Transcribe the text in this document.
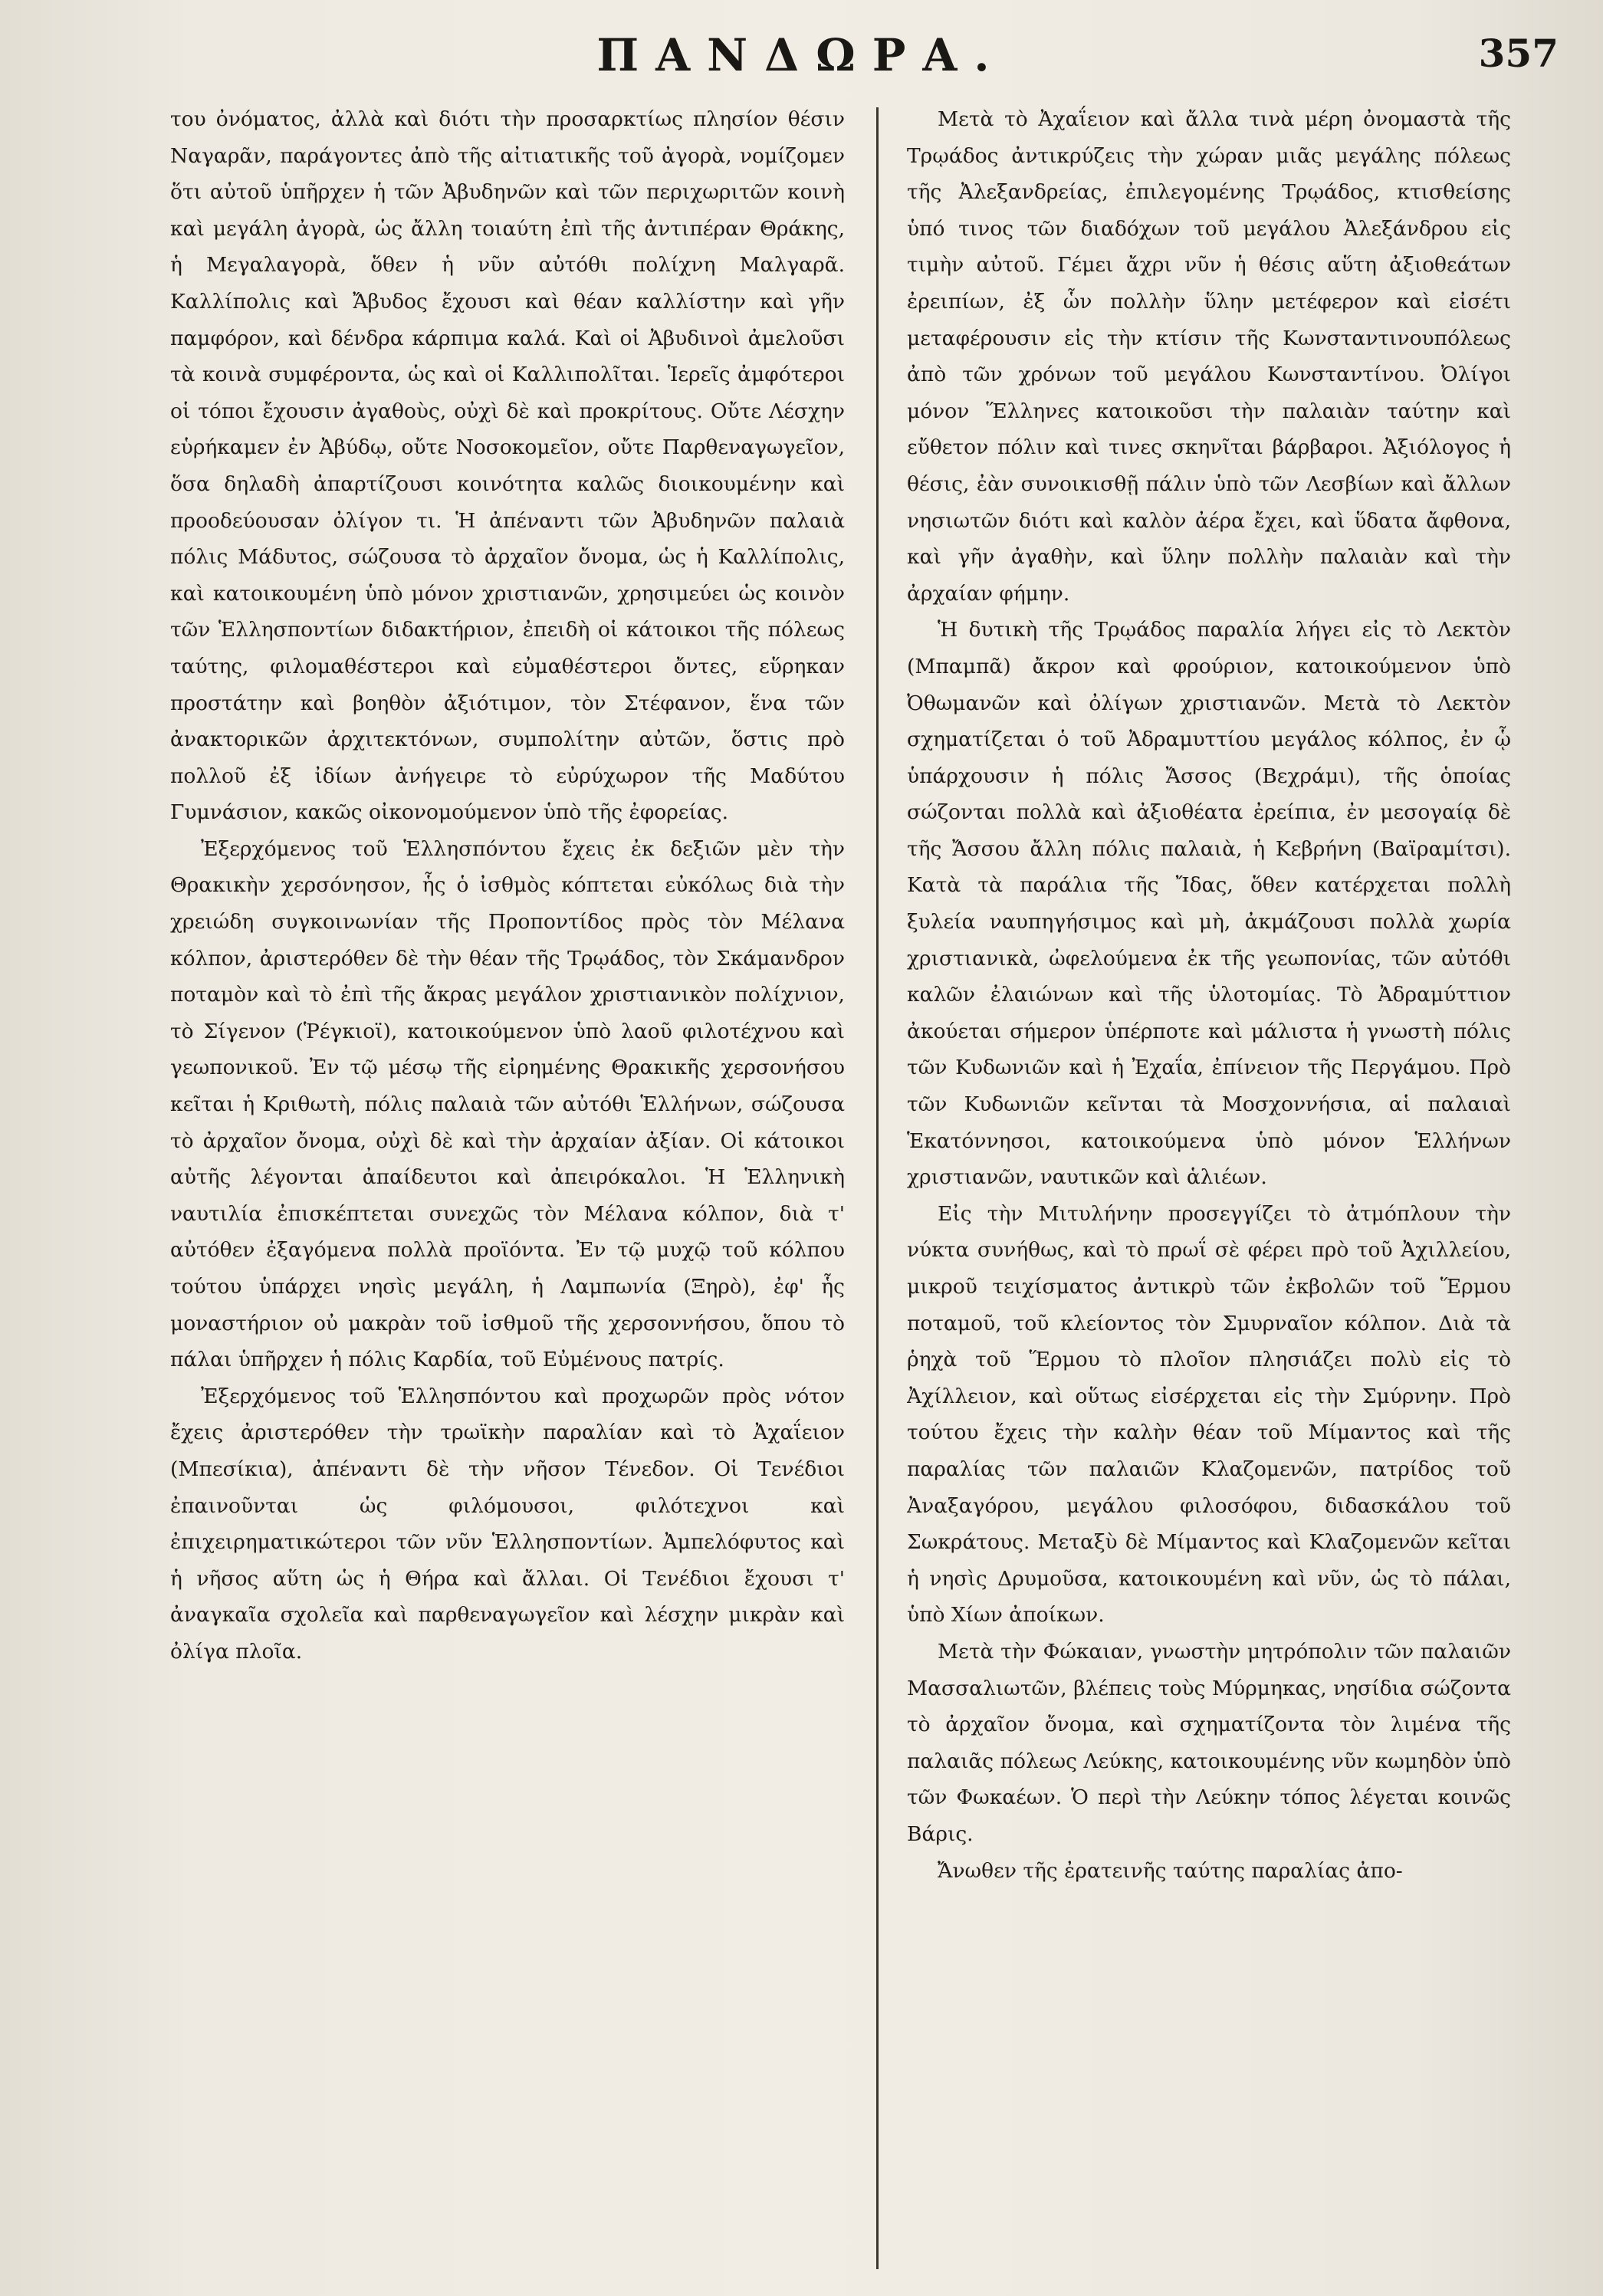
ΠΑΝΔΩΡΑ.	357

του ὀνόματος, ἀλλὰ καὶ διότι τὴν προσαρκτίως πλησίον θέσιν Ναγαρᾶν, παράγοντες ἀπὸ τῆς αἰτιατικῆς τοῦ ἀγορὰ, νομίζομεν ὅτι αὐτοῦ ὑπῆρχεν ἡ τῶν Ἀβυδηνῶν καὶ τῶν περιχωριτῶν κοινὴ καὶ μεγάλη ἀγορὰ, ὡς ἄλλη τοιαύτη ἐπὶ τῆς ἀντιπέραν Θράκης, ἡ Μεγαλαγορὰ, ὅθεν ἡ νῦν αὐτόθι πολίχνη Μαλγαρᾶ. Καλλίπολις καὶ Ἄβυδος ἔχουσι καὶ θέαν καλλίστην καὶ γῆν παμφόρον, καὶ δένδρα κάρπιμα καλά. Καὶ οἱ Ἀβυδινοὶ ἀμελοῦσι τὰ κοινὰ συμφέροντα, ὡς καὶ οἱ Καλλιπολῖται. Ἱερεῖς ἀμφότεροι οἱ τόποι ἔχουσιν ἀγαθοὺς, οὐχὶ δὲ καὶ προκρίτους. Οὔτε Λέσχην εὑρήκαμεν ἐν Ἀβύδῳ, οὔτε Νοσοκομεῖον, οὔτε Παρθεναγωγεῖον, ὅσα δηλαδὴ ἀπαρτίζουσι κοινότητα καλῶς διοικουμένην καὶ προοδεύουσαν ὀλίγον τι. Ἡ ἀπέναντι τῶν Ἀβυδηνῶν παλαιὰ πόλις Μάδυτος, σώζουσα τὸ ἀρχαῖον ὄνομα, ὡς ἡ Καλλίπολις, καὶ κατοικουμένη ὑπὸ μόνον χριστιανῶν, χρησιμεύει ὡς κοινὸν τῶν Ἑλλησποντίων διδακτήριον, ἐπειδὴ οἱ κάτοικοι τῆς πόλεως ταύτης, φιλομαθέστεροι καὶ εὐμαθέστεροι ὄντες, εὕρηκαν προστάτην καὶ βοηθὸν ἀξιότιμον, τὸν Στέφανον, ἕνα τῶν ἀνακτορικῶν ἀρχιτεκτόνων, συμπολίτην αὐτῶν, ὅστις πρὸ πολλοῦ ἐξ ἰδίων ἀνήγειρε τὸ εὐρύχωρον τῆς Μαδύτου Γυμνάσιον, κακῶς οἰκονομούμενον ὑπὸ τῆς ἐφορείας.

Ἐξερχόμενος τοῦ Ἑλλησπόντου ἔχεις ἐκ δεξιῶν μὲν τὴν Θρακικὴν χερσόνησον, ἧς ὁ ἰσθμὸς κόπτεται εὐκόλως διὰ τὴν χρειώδη συγκοινωνίαν τῆς Προποντίδος πρὸς τὸν Μέλανα κόλπον, ἀριστερόθεν δὲ τὴν θέαν τῆς Τρῳάδος, τὸν Σκάμανδρον ποταμὸν καὶ τὸ ἐπὶ τῆς ἄκρας μεγάλον χριστιανικὸν πολίχνιον, τὸ Σίγενον (Ῥέγκιοϊ), κατοικούμενον ὑπὸ λαοῦ φιλοτέχνου καὶ γεωπονικοῦ. Ἐν τῷ μέσῳ τῆς εἰρημένης Θρακικῆς χερσονήσου κεῖται ἡ Κριθωτὴ, πόλις παλαιὰ τῶν αὐτόθι Ἑλλήνων, σώζουσα τὸ ἀρχαῖον ὄνομα, οὐχὶ δὲ καὶ τὴν ἀρχαίαν ἀξίαν. Οἱ κάτοικοι αὐτῆς λέγονται ἀπαίδευτοι καὶ ἀπειρόκαλοι. Ἡ Ἑλληνικὴ ναυτιλία ἐπισκέπτεται συνεχῶς τὸν Μέλανα κόλπον, διὰ τ' αὐτόθεν ἐξαγόμενα πολλὰ προϊόντα. Ἐν τῷ μυχῷ τοῦ κόλπου τούτου ὑπάρχει νησὶς μεγάλη, ἡ Λαμπωνία (Ξηρὸ), ἐφ' ἧς μοναστήριον οὐ μακρὰν τοῦ ἰσθμοῦ τῆς χερσοννήσου, ὅπου τὸ πάλαι ὑπῆρχεν ἡ πόλις Καρδία, τοῦ Εὐμένους πατρίς.

Ἐξερχόμενος τοῦ Ἑλλησπόντου καὶ προχωρῶν πρὸς νότον ἔχεις ἀριστερόθεν τὴν τρωϊκὴν παραλίαν καὶ τὸ Ἀχαΐειον (Μπεσίκια), ἀπέναντι δὲ τὴν νῆσον Τένεδον. Οἱ Τενέδιοι ἐπαινοῦνται ὡς φιλόμουσοι, φιλότεχνοι καὶ ἐπιχειρηματικώτεροι τῶν νῦν Ἑλλησποντίων. Ἀμπελόφυτος καὶ ἡ νῆσος αὕτη ὡς ἡ Θήρα καὶ ἄλλαι. Οἱ Τενέδιοι ἔχουσι τ' ἀναγκαῖα σχολεῖα καὶ παρθεναγωγεῖον καὶ λέσχην μικρὰν καὶ ὀλίγα πλοῖα.

Μετὰ τὸ Ἀχαΐειον καὶ ἄλλα τινὰ μέρη ὀνομαστὰ τῆς Τρῳάδος ἀντικρύζεις τὴν χώραν μιᾶς μεγάλης πόλεως τῆς Ἀλεξανδρείας, ἐπιλεγομένης Τρῳάδος, κτισθείσης ὑπό τινος τῶν διαδόχων τοῦ μεγάλου Ἀλεξάνδρου εἰς τιμὴν αὐτοῦ. Γέμει ἄχρι νῦν ἡ θέσις αὕτη ἀξιοθεάτων ἐρειπίων, ἐξ ὧν πολλὴν ὕλην μετέφερον καὶ εἰσέτι μεταφέρουσιν εἰς τὴν κτίσιν τῆς Κωνσταντινουπόλεως ἀπὸ τῶν χρόνων τοῦ μεγάλου Κωνσταντίνου. Ὀλίγοι μόνον Ἕλληνες κατοικοῦσι τὴν παλαιὰν ταύτην καὶ εὔθετον πόλιν καὶ τινες σκηνῖται βάρβαροι. Ἀξιόλογος ἡ θέσις, ἐὰν συνοικισθῇ πάλιν ὑπὸ τῶν Λεσβίων καὶ ἄλλων νησιωτῶν διότι καὶ καλὸν ἀέρα ἔχει, καὶ ὕδατα ἄφθονα, καὶ γῆν ἀγαθὴν, καὶ ὕλην πολλὴν παλαιὰν καὶ τὴν ἀρχαίαν φήμην.

Ἡ δυτικὴ τῆς Τρῳάδος παραλία λήγει εἰς τὸ Λεκτὸν (Μπαμπᾶ) ἄκρον καὶ φρούριον, κατοικούμενον ὑπὸ Ὀθωμανῶν καὶ ὀλίγων χριστιανῶν. Μετὰ τὸ Λεκτὸν σχηματίζεται ὁ τοῦ Ἀδραμυττίου μεγάλος κόλπος, ἐν ᾧ ὑπάρχουσιν ἡ πόλις Ἄσσος (Βεχράμι), τῆς ὁποίας σώζονται πολλὰ καὶ ἀξιοθέατα ἐρείπια, ἐν μεσογαίᾳ δὲ τῆς Ἄσσου ἄλλη πόλις παλαιὰ, ἡ Κεβρήνη (Βαϊραμίτσι). Κατὰ τὰ παράλια τῆς Ἴδας, ὅθεν κατέρχεται πολλὴ ξυλεία ναυπηγήσιμος καὶ μὴ, ἀκμάζουσι πολλὰ χωρία χριστιανικὰ, ὠφελούμενα ἐκ τῆς γεωπονίας, τῶν αὐτόθι καλῶν ἐλαιώνων καὶ τῆς ὑλοτομίας. Τὸ Ἀδραμύττιον ἀκούεται σήμερον ὑπέρποτε καὶ μάλιστα ἡ γνωστὴ πόλις τῶν Κυδωνιῶν καὶ ἡ Ἐχαΐα, ἐπίνειον τῆς Περγάμου. Πρὸ τῶν Κυδωνιῶν κεῖνται τὰ Μοσχοννήσια, αἱ παλαιαὶ Ἑκατόννησοι, κατοικούμενα ὑπὸ μόνον Ἑλλήνων χριστιανῶν, ναυτικῶν καὶ ἁλιέων.

Εἰς τὴν Μιτυλήνην προσεγγίζει τὸ ἀτμόπλουν τὴν νύκτα συνήθως, καὶ τὸ πρωΐ σὲ φέρει πρὸ τοῦ Ἀχιλλείου, μικροῦ τειχίσματος ἀντικρὺ τῶν ἐκβολῶν τοῦ Ἕρμου ποταμοῦ, τοῦ κλείοντος τὸν Σμυρναῖον κόλπον. Διὰ τὰ ῥηχὰ τοῦ Ἕρμου τὸ πλοῖον πλησιάζει πολὺ εἰς τὸ Ἀχίλλειον, καὶ οὕτως εἰσέρχεται εἰς τὴν Σμύρνην. Πρὸ τούτου ἔχεις τὴν καλὴν θέαν τοῦ Μίμαντος καὶ τῆς παραλίας τῶν παλαιῶν Κλαζομενῶν, πατρίδος τοῦ Ἀναξαγόρου, μεγάλου φιλοσόφου, διδασκάλου τοῦ Σωκράτους. Μεταξὺ δὲ Μίμαντος καὶ Κλαζομενῶν κεῖται ἡ νησὶς Δρυμοῦσα, κατοικουμένη καὶ νῦν, ὡς τὸ πάλαι, ὑπὸ Χίων ἀποίκων.

Μετὰ τὴν Φώκαιαν, γνωστὴν μητρόπολιν τῶν παλαιῶν Μασσαλιωτῶν, βλέπεις τοὺς Μύρμηκας, νησίδια σώζοντα τὸ ἀρχαῖον ὄνομα, καὶ σχηματίζοντα τὸν λιμένα τῆς παλαιᾶς πόλεως Λεύκης, κατοικουμένης νῦν κωμηδὸν ὑπὸ τῶν Φωκαέων. Ὁ περὶ τὴν Λεύκην τόπος λέγεται κοινῶς Βάρις.

Ἄνωθεν τῆς ἐρατεινῆς ταύτης παραλίας ἀπο-
